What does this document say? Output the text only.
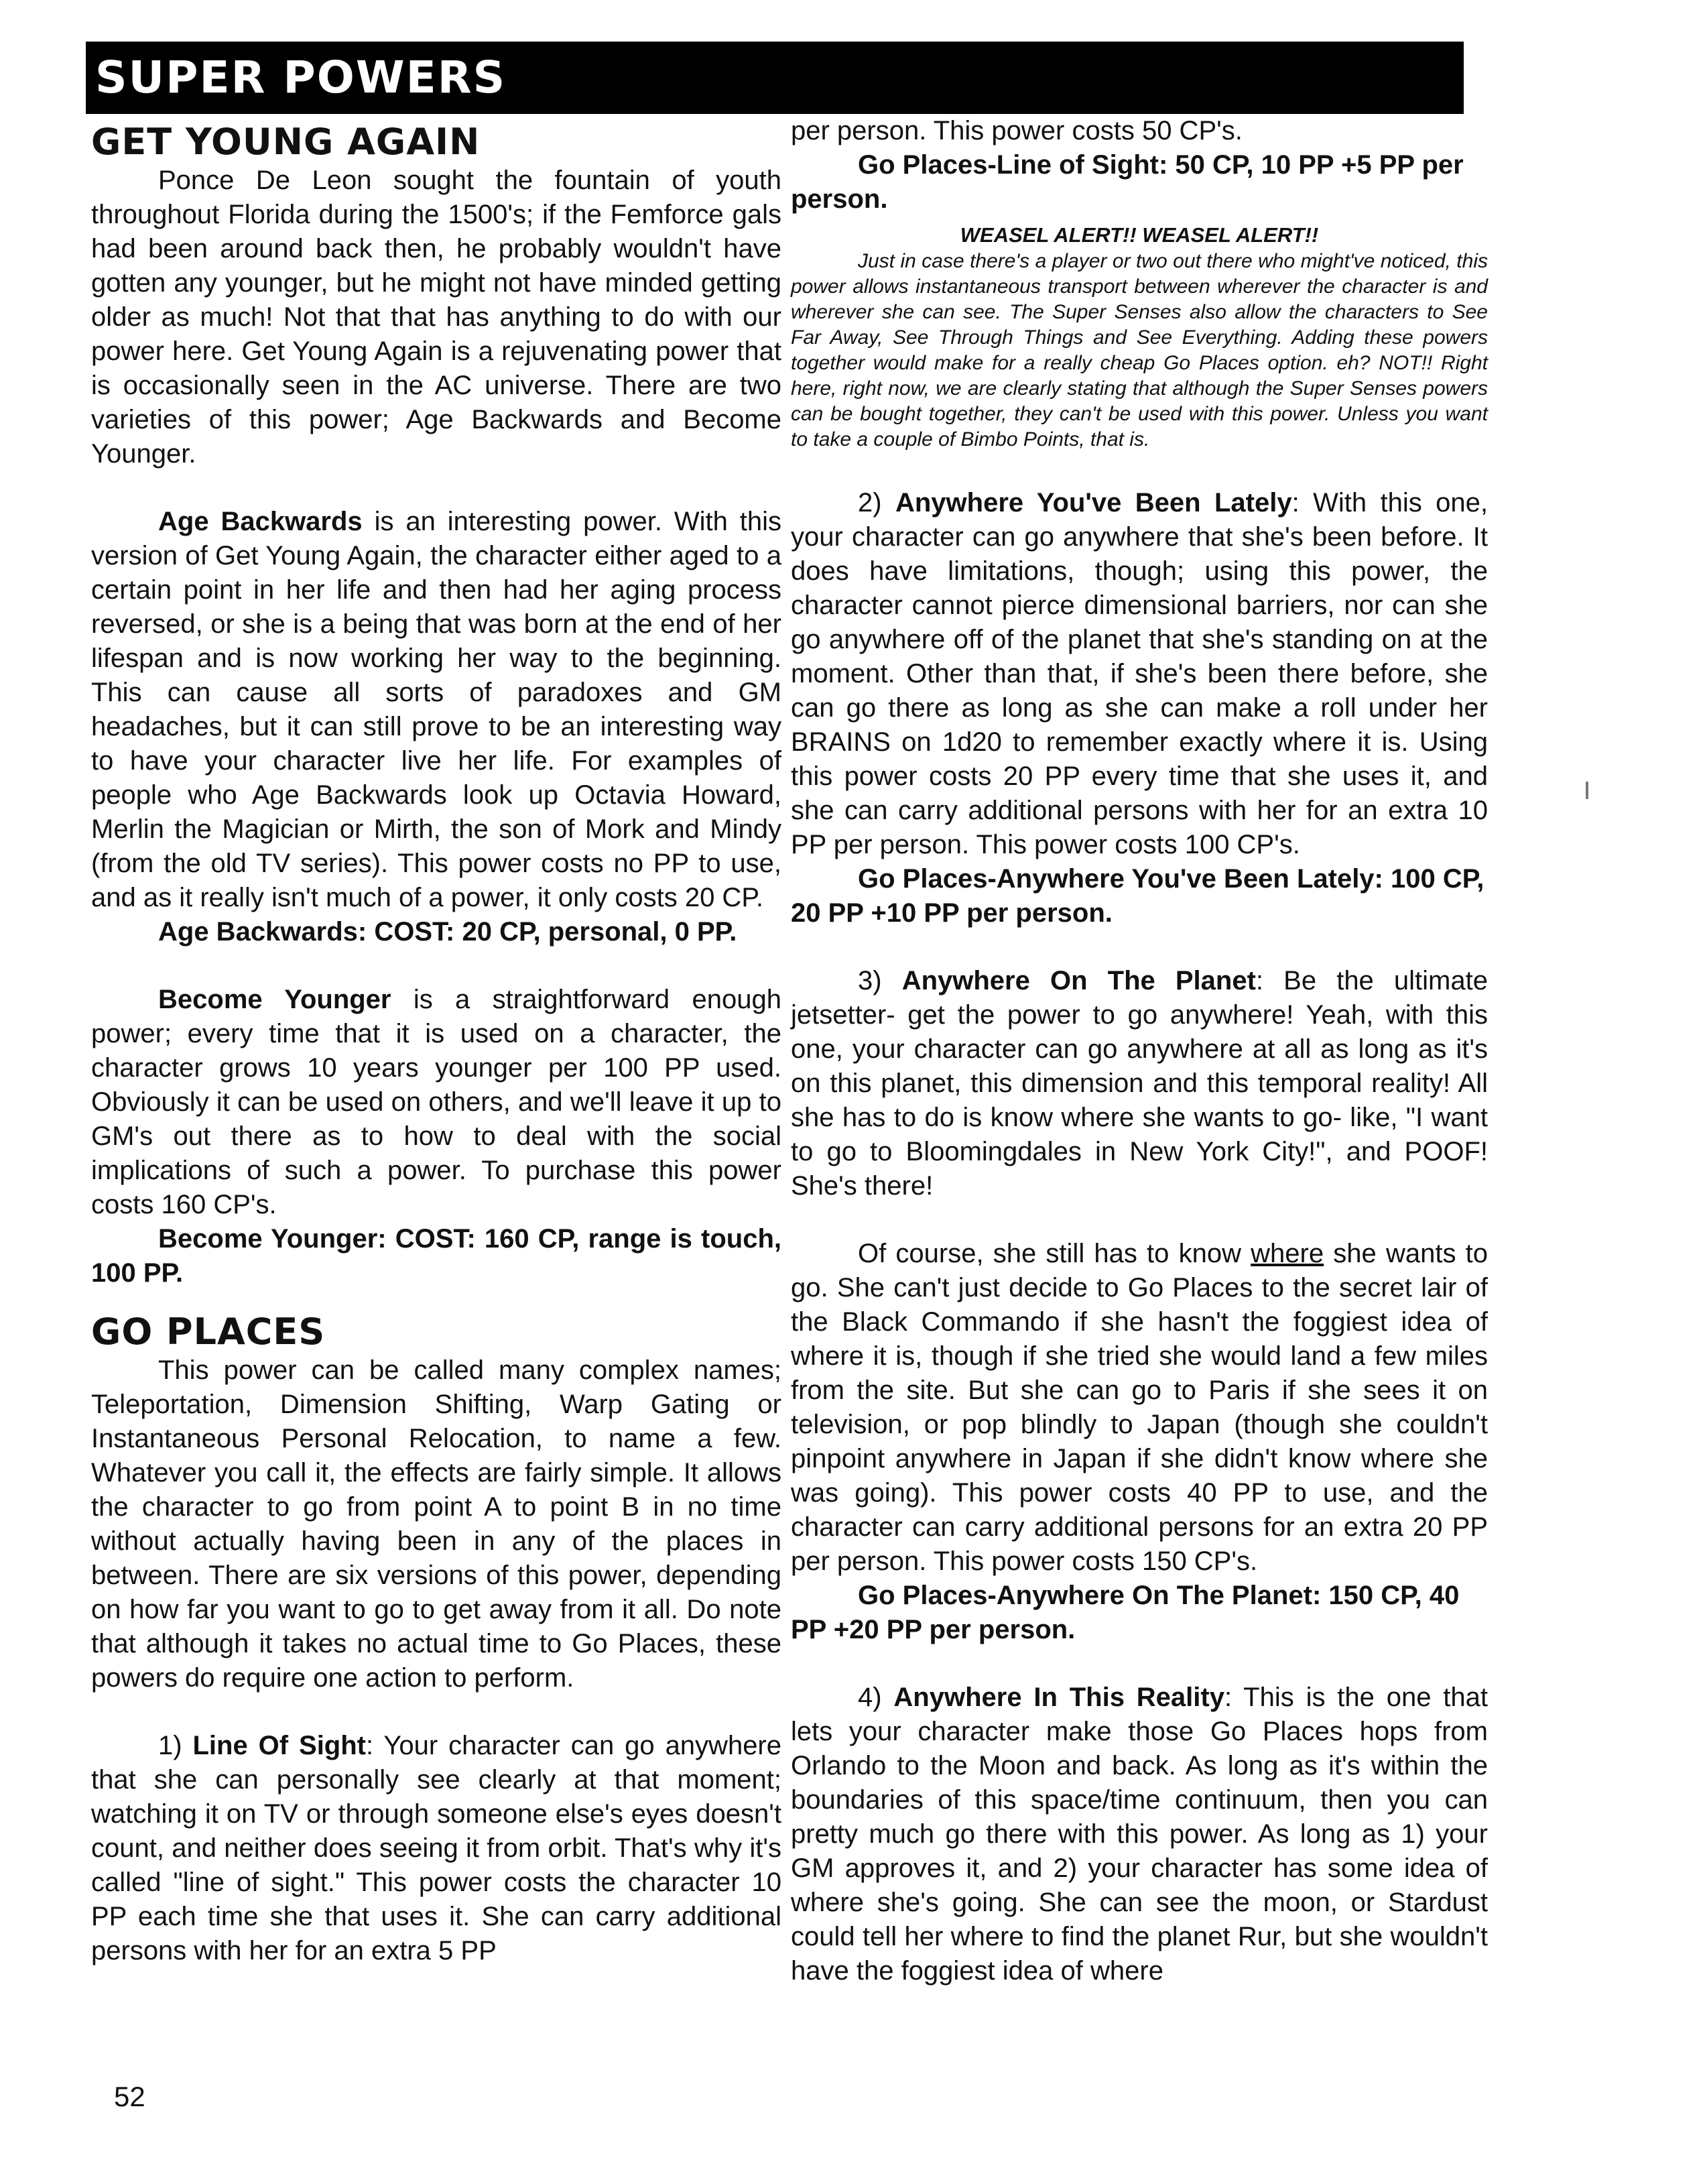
SUPER POWERS
GET YOUNG AGAIN

Ponce De Leon sought the fountain of youth throughout Florida during the 1500's; if the Femforce gals had been around back then, he probably wouldn't have gotten any younger, but he might not have minded getting older as much! Not that that has anything to do with our power here. Get Young Again is a rejuvenating power that is occasionally seen in the AC universe. There are two varieties of this power; Age Backwards and Become Younger.

Age Backwards is an interesting power. With this version of Get Young Again, the character either aged to a certain point in her life and then had her aging process reversed, or she is a being that was born at the end of her lifespan and is now working her way to the beginning. This can cause all sorts of paradoxes and GM headaches, but it can still prove to be an interesting way to have your character live her life. For examples of people who Age Backwards look up Octavia Howard, Merlin the Magician or Mirth, the son of Mork and Mindy (from the old TV series). This power costs no PP to use, and as it really isn't much of a power, it only costs 20 CP.

Age Backwards: COST: 20 CP, personal, 0 PP.

Become Younger is a straightforward enough power; every time that it is used on a character, the character grows 10 years younger per 100 PP used. Obviously it can be used on others, and we'll leave it up to GM's out there as to how to deal with the social implications of such a power. To purchase this power costs 160 CP's.

Become Younger: COST: 160 CP, range is touch, 100 PP.

GO PLACES

This power can be called many complex names; Teleportation, Dimension Shifting, Warp Gating or Instantaneous Personal Relocation, to name a few. Whatever you call it, the effects are fairly simple. It allows the character to go from point A to point B in no time without actually having been in any of the places in between. There are six versions of this power, depending on how far you want to go to get away from it all. Do note that although it takes no actual time to Go Places, these powers do require one action to perform.

1) Line Of Sight: Your character can go anywhere that she can personally see clearly at that moment; watching it on TV or through someone else's eyes doesn't count, and neither does seeing it from orbit. That's why it's called "line of sight." This power costs the character 10 PP each time she that uses it. She can carry additional persons with her for an extra 5 PP

per person. This power costs 50 CP's.

Go Places-Line of Sight: 50 CP, 10 PP +5 PP per person.

WEASEL ALERT!! WEASEL ALERT!!

Just in case there's a player or two out there who might've noticed, this power allows instantaneous transport between wherever the character is and wherever she can see. The Super Senses also allow the characters to See Far Away, See Through Things and See Everything. Adding these powers together would make for a really cheap Go Places option. eh? NOT!! Right here, right now, we are clearly stating that although the Super Senses powers can be bought together, they can't be used with this power. Unless you want to take a couple of Bimbo Points, that is.

2) Anywhere You've Been Lately: With this one, your character can go anywhere that she's been before. It does have limitations, though; using this power, the character cannot pierce dimensional barriers, nor can she go anywhere off of the planet that she's standing on at the moment. Other than that, if she's been there before, she can go there as long as she can make a roll under her BRAINS on 1d20 to remember exactly where it is. Using this power costs 20 PP every time that she uses it, and she can carry additional persons with her for an extra 10 PP per person. This power costs 100 CP's.

Go Places-Anywhere You've Been Lately: 100 CP, 20 PP +10 PP per person.

3) Anywhere On The Planet: Be the ultimate jetsetter- get the power to go anywhere! Yeah, with this one, your character can go anywhere at all as long as it's on this planet, this dimension and this temporal reality! All she has to do is know where she wants to go- like, "I want to go to Bloomingdales in New York City!", and POOF! She's there!

Of course, she still has to know where she wants to go. She can't just decide to Go Places to the secret lair of the Black Commando if she hasn't the foggiest idea of where it is, though if she tried she would land a few miles from the site. But she can go to Paris if she sees it on television, or pop blindly to Japan (though she couldn't pinpoint anywhere in Japan if she didn't know where she was going). This power costs 40 PP to use, and the character can carry additional persons for an extra 20 PP per person. This power costs 150 CP's.

Go Places-Anywhere On The Planet: 150 CP, 40 PP +20 PP per person.

4) Anywhere In This Reality: This is the one that lets your character make those Go Places hops from Orlando to the Moon and back. As long as it's within the boundaries of this space/time continuum, then you can pretty much go there with this power. As long as 1) your GM approves it, and 2) your character has some idea of where she's going. She can see the moon, or Stardust could tell her where to find the planet Rur, but she wouldn't have the foggiest idea of where

52
